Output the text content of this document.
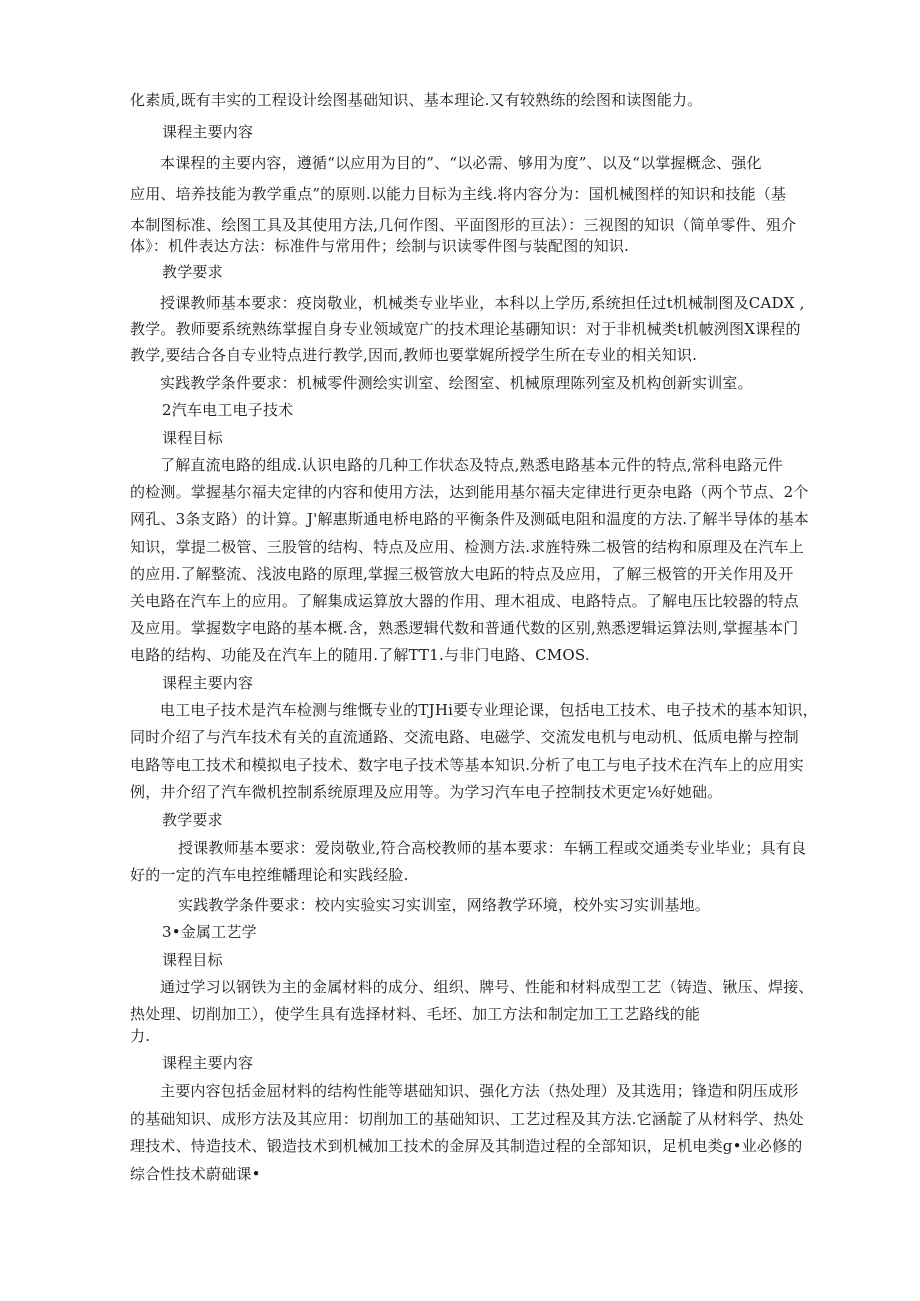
化素质,既有丰实的工程设计绘图基础知识、基本理论.又有较熟练的绘图和读图能力。
课程主要内容
本课程的主要内容，遵循“以应用为目的”、“以必需、够用为度”、以及“以掌握概念、强化
应用、培养技能为教学重点”的原则.以能力目标为主线.将内容分为：国机械图样的知识和技能（基
本制图标准、绘图工具及其使用方法,几何作图、平面图形的亘法）：三视图的知识（简单零件、殂介
体》：机件表达方法：标准件与常用件；绘制与识读零件图与装配图的知识.
教学要求
授课教师基本要求：疫岗敬业，机械类专业毕业，本科以上学历,系统担任过t机械制图及CADX ,
教学。教师要系统熟练掌握自身专业领域宽广的技术理论基硼知识：对于非机械类t机帔洌图X课程的
教学,要结合各自专业特点进行教学,因而,教师也要掌娓所授学生所在专业的相关知识.
实践教学条件要求：机械零件测绘实训室、绘图室、机械原理陈列室及机构创新实训室。
2汽车电工电子技术
课程目标
了解直流电路的组成.认识电路的几种工作状态及特点,熟悉电路基本元件的特点,常科电路元件
的检测。掌握基尔福夫定律的内容和使用方法，达到能用基尔福夫定律进行更杂电路（两个节点、2个
网孔、3条支路）的计算。J'解惠斯通电桥电路的平衡条件及测砥电阻和温度的方法.了解半导体的基本
知识，掌提二极管、三股管的结构、特点及应用、检测方法.求旌特殊二极管的结构和原理及在汽车上
的应用.了解整流、浅波电路的原理,掌握三极管放大电跖的特点及应用，了解三极管的开关作用及开
关电路在汽车上的应用。了解集成运算放大器的作用、理木祖成、电路特点。了解电压比较器的特点
及应用。掌握数字电路的基本概.含，熟悉逻辑代数和普通代数的区别,熟悉逻辑运算法则,掌握基本门
电路的结构、功能及在汽车上的随用.了解TT1.与非门电路、CMOS.
课程主要内容
电工电子技术是汽车检测与维慨专业的TJHi要专业理论课，包括电工技术、电子技术的基本知识，
同时介绍了与汽车技术有关的直流通路、交流电路、电磁学、交流发电机与电动机、低质电擀与控制
电路等电工技术和模拟电子技术、数字电子技术等基本知识.分析了电工与电子技术在汽车上的应用实
例，井介绍了汽车微机控制系统原理及应用等。为学习汽车电子控制技术更定⅛好她础。
教学要求
授课教师基本要求：爱岗敬业,符合高校教师的基本要求：车辆工程或交通类专业毕业；具有良
好的一定的汽车电控维幡理论和实践经脸.
实践教学条件要求：校内实验实习实训室，网络教学环境，校外实习实训基地。
3•金属工艺学
课程目标
通过学习以钢铁为主的金属材料的成分、组织、牌号、性能和材料成型工艺（铸造、锹压、焊接、
热处理、切削加工），使学生具有选择材料、毛坯、加工方法和制定加工工艺路线的能
力.
课程主要内容
主要内容包括金屈材料的结构性能等堪础知识、强化方法（热处理）及其选用；锋造和阴压成形
的基础知识、成形方法及其应用：切削加工的基础知识、工艺过程及其方法.它涵靛了从材料学、热处
理技术、恃造技术、锻造技术到机械加工技术的金屏及其制造过程的全部知识，足机电类g•业必修的
综合性技术蔚础课•
